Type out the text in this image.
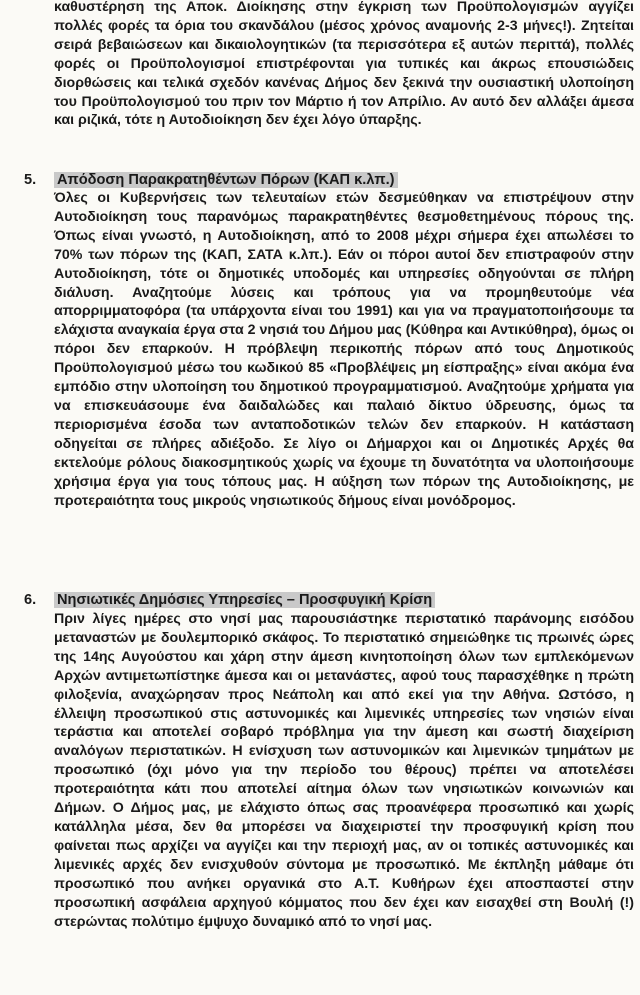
καθυστέρηση της Αποκ. Διοίκησης στην έγκριση των Προϋπολογισμών αγγίζει πολλές φορές τα όρια του σκανδάλου (μέσος χρόνος αναμονής 2-3 μήνες!). Ζητείται σειρά βεβαιώσεων και δικαιολογητικών (τα περισσότερα εξ αυτών περιττά), πολλές φορές οι Προϋπολογισμοί επιστρέφονται για τυπικές και άκρως επουσιώδεις διορθώσεις και τελικά σχεδόν κανένας Δήμος δεν ξεκινά την ουσιαστική υλοποίηση του Προϋπολογισμού του πριν τον Μάρτιο ή τον Απρίλιο. Αν αυτό δεν αλλάξει άμεσα και ριζικά, τότε η Αυτοδιοίκηση δεν έχει λόγο ύπαρξης.

5. Απόδοση Παρακρατηθέντων Πόρων (ΚΑΠ κ.λπ.)

Όλες οι Κυβερνήσεις των τελευταίων ετών δεσμεύθηκαν να επιστρέψουν στην Αυτοδιοίκηση τους παρανόμως παρακρατηθέντες θεσμοθετημένους πόρους της. Όπως είναι γνωστό, η Αυτοδιοίκηση, από το 2008 μέχρι σήμερα έχει απωλέσει το 70% των πόρων της (ΚΑΠ, ΣΑΤΑ κ.λπ.). Εάν οι πόροι αυτοί δεν επιστραφούν στην Αυτοδιοίκηση, τότε οι δημοτικές υποδομές και υπηρεσίες οδηγούνται σε πλήρη διάλυση. Αναζητούμε λύσεις και τρόπους για να προμηθευτούμε νέα απορριμματοφόρα (τα υπάρχοντα είναι του 1991) και για να πραγματοποιήσουμε τα ελάχιστα αναγκαία έργα στα 2 νησιά του Δήμου μας (Κύθηρα και Αντικύθηρα), όμως οι πόροι δεν επαρκούν. Η πρόβλεψη περικοπής πόρων από τους Δημοτικούς Προϋπολογισμού μέσω του κωδικού 85 «Προβλέψεις μη είσπραξης» είναι ακόμα ένα εμπόδιο στην υλοποίηση του δημοτικού προγραμματισμού. Αναζητούμε χρήματα για να επισκευάσουμε ένα δαιδαλώδες και παλαιό δίκτυο ύδρευσης, όμως τα περιορισμένα έσοδα των ανταποδοτικών τελών δεν επαρκούν. Η κατάσταση οδηγείται σε πλήρες αδιέξοδο. Σε λίγο οι Δήμαρχοι και οι Δημοτικές Αρχές θα εκτελούμε ρόλους διακοσμητικούς χωρίς να έχουμε τη δυνατότητα να υλοποιήσουμε χρήσιμα έργα για τους τόπους μας. Η αύξηση των πόρων της Αυτοδιοίκησης, με προτεραιότητα τους μικρούς νησιωτικούς δήμους είναι μονόδρομος.

6. Νησιωτικές Δημόσιες Υπηρεσίες – Προσφυγική Κρίση

Πριν λίγες ημέρες στο νησί μας παρουσιάστηκε περιστατικό παράνομης εισόδου μεταναστών με δουλεμπορικό σκάφος. Το περιστατικό σημειώθηκε τις πρωινές ώρες της 14ης Αυγούστου και χάρη στην άμεση κινητοποίηση όλων των εμπλεκόμενων Αρχών αντιμετωπίστηκε άμεσα και οι μετανάστες, αφού τους παρασχέθηκε η πρώτη φιλοξενία, αναχώρησαν προς Νεάπολη και από εκεί για την Αθήνα. Ωστόσο, η έλλειψη προσωπικού στις αστυνομικές και λιμενικές υπηρεσίες των νησιών είναι τεράστια και αποτελεί σοβαρό πρόβλημα για την άμεση και σωστή διαχείριση αναλόγων περιστατικών. Η ενίσχυση των αστυνομικών και λιμενικών τμημάτων με προσωπικό (όχι μόνο για την περίοδο του θέρους) πρέπει να αποτελέσει προτεραιότητα κάτι που αποτελεί αίτημα όλων των νησιωτικών κοινωνιών και Δήμων. Ο Δήμος μας, με ελάχιστο όπως σας προανέφερα προσωπικό και χωρίς κατάλληλα μέσα, δεν θα μπορέσει να διαχειριστεί την προσφυγική κρίση που φαίνεται πως αρχίζει να αγγίζει και την περιοχή μας, αν οι τοπικές αστυνομικές και λιμενικές αρχές δεν ενισχυθούν σύντομα με προσωπικό. Με έκπληξη μάθαμε ότι προσωπικό που ανήκει οργανικά στο Α.Τ. Κυθήρων έχει αποσπαστεί στην προσωπική ασφάλεια αρχηγού κόμματος που δεν έχει καν εισαχθεί στη Βουλή (!) στερώντας πολύτιμο έμψυχο δυναμικό από το νησί μας.
